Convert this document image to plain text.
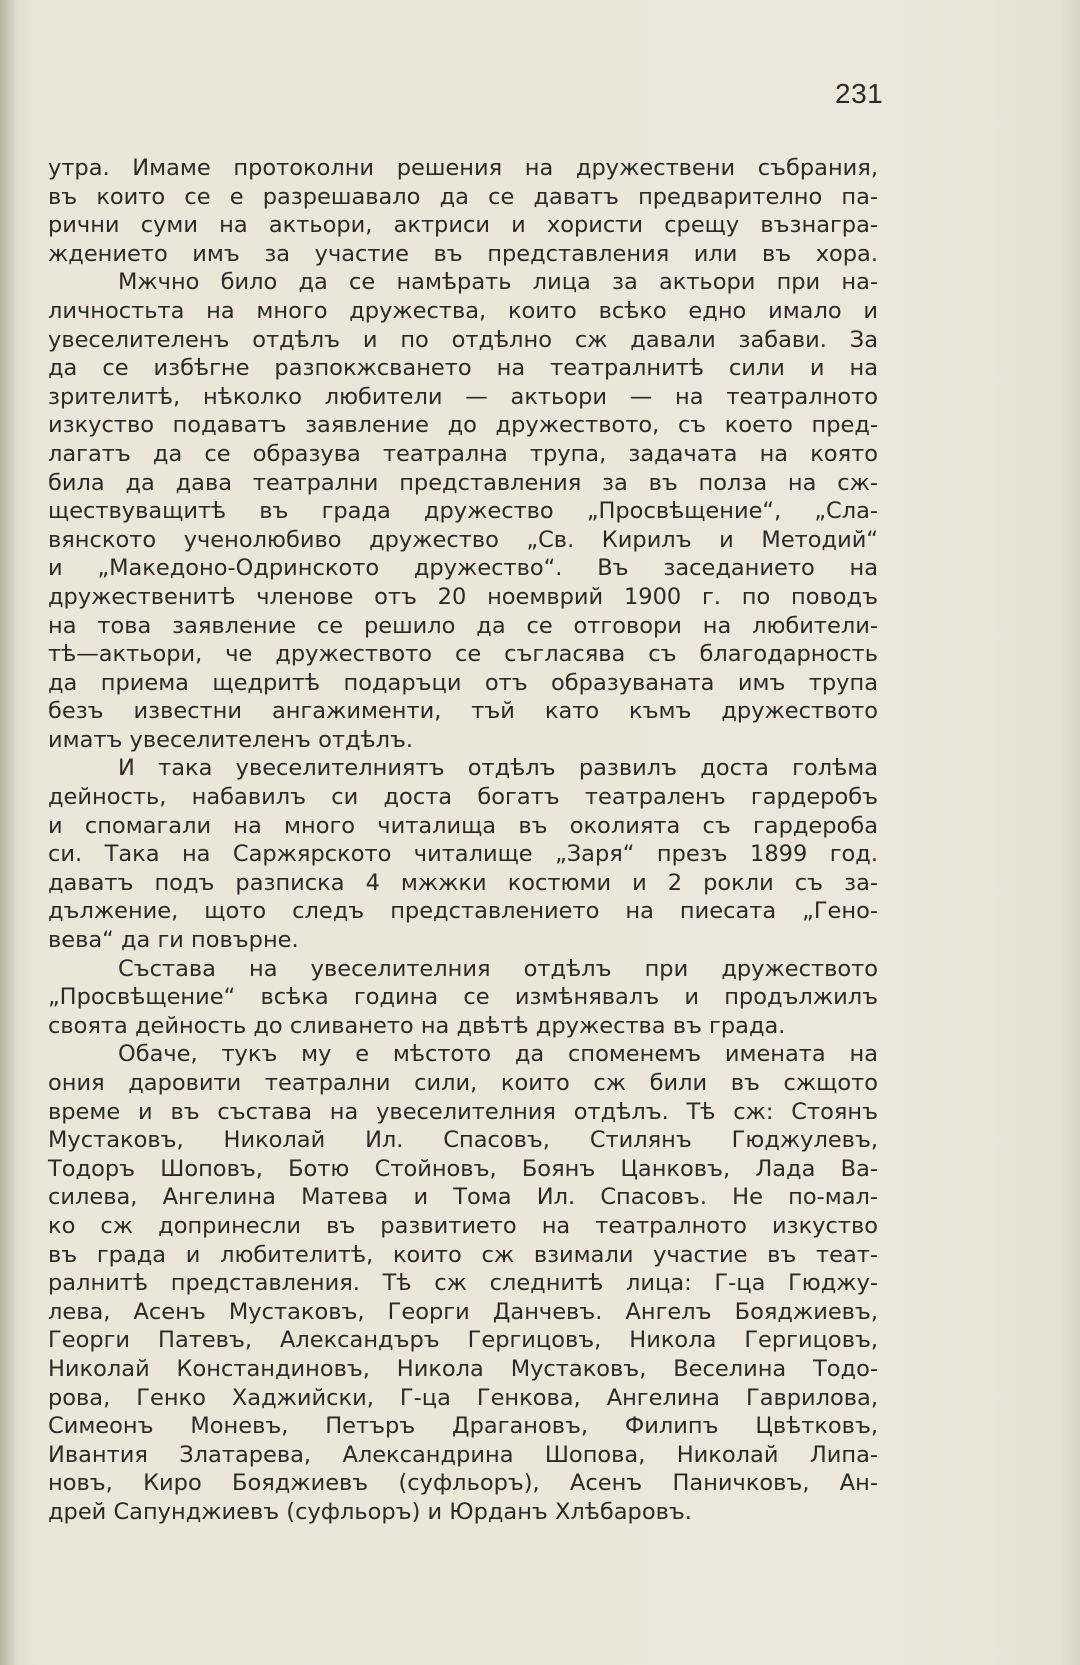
231
утра. Имаме протоколни решения на дружествени събрания,
въ които се е разрешавало да се даватъ предварително па-
рични суми на актьори, актриси и хористи срещу възнагра-
ждението имъ за участие въ представления или въ хора.
Мжчно било да се намѣрать лица за актьори при на-
личностьта на много дружества, които всѣко едно имало и
увеселителенъ отдѣлъ и по отдѣлно сж давали забави. За
да се избѣгне разпокжсването на театралнитѣ сили и на
зрителитѣ, нѣколко любители — актьори — на театралното
изкуство подаватъ заявление до дружеството, съ което пред-
лагатъ да се образува театрална трупа, задачата на която
била да дава театрални представления за въ полза на сж-
ществуващитѣ въ града дружество „Просвѣщение“, „Сла-
вянското ученолюбиво дружество „Св. Кирилъ и Методий“
и „Македоно-Одринското дружество“. Въ заседанието на
дружественитѣ членове отъ 20 ноемврий 1900 г. по поводъ
на това заявление се решило да се отговори на любители-
тѣ—актьори, че дружеството се съгласява съ благодарность
да приема щедритѣ подаръци отъ образуваната имъ трупа
безъ известни ангажименти, тъй като къмъ дружеството
иматъ увеселителенъ отдѣлъ.
И така увеселителниятъ отдѣлъ развилъ доста голѣма
дейность, набавилъ си доста богатъ театраленъ гардеробъ
и спомагали на много читалища въ околията съ гардероба
си. Така на Саржярското читалище „Заря“ презъ 1899 год.
даватъ подъ разписка 4 мжжки костюми и 2 рокли съ за-
дължение, щото следъ представлението на пиесата „Гено-
вева“ да ги повърне.
Състава на увеселителния отдѣлъ при дружеството
„Просвѣщение“ всѣка година се измѣнявалъ и продължилъ
своята дейность до сливането на двѣтѣ дружества въ града.
Обаче, тукъ му е мѣстото да споменемъ имената на
ония даровити театрални сили, които сж били въ сжщото
време и въ състава на увеселителния отдѣлъ. Тѣ сж: Стоянъ
Мустаковъ, Николай Ил. Спасовъ, Стилянъ Гюджулевъ,
Тодоръ Шоповъ, Ботю Стойновъ, Боянъ Цанковъ, Лада Ва-
силева, Ангелина Матева и Тома Ил. Спасовъ. Не по-мал-
ко сж допринесли въ развитието на театралното изкуство
въ града и любителитѣ, които сж взимали участие въ теат-
ралнитѣ представления. Тѣ сж следнитѣ лица: Г-ца Гюджу-
лева, Асенъ Мустаковъ, Георги Данчевъ. Ангелъ Бояджиевъ,
Георги Патевъ, Александъръ Гергицовъ, Никола Гергицовъ,
Николай Констандиновъ, Никола Мустаковъ, Веселина Тодо-
рова, Генко Хаджийски, Г-ца Генкова, Ангелина Гаврилова,
Симеонъ Моневъ, Петъръ Драгановъ, Филипъ Цвѣтковъ,
Ивантия Златарева, Александрина Шопова, Николай Липа-
новъ, Киро Бояджиевъ (суфльоръ), Асенъ Паничковъ, Ан-
дрей Сапунджиевъ (суфльоръ) и Юрданъ Хлѣбаровъ.
